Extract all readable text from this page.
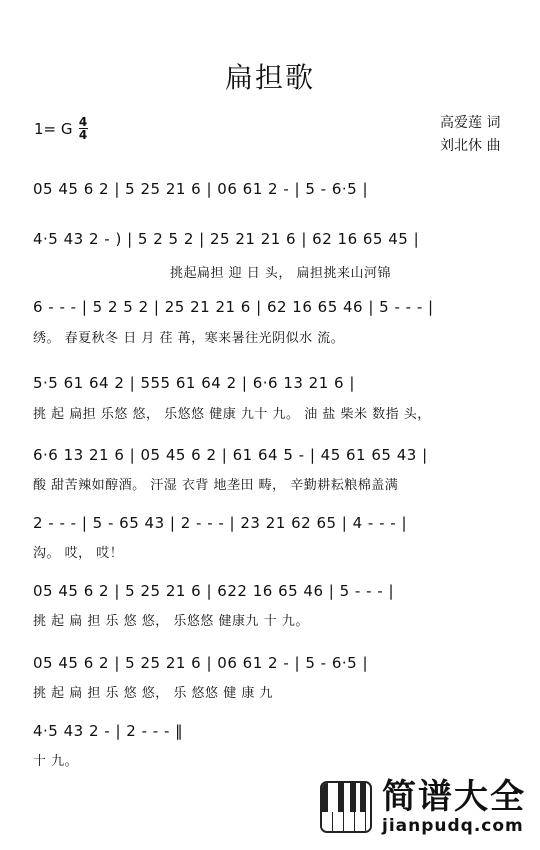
扁担歌
1= G $\frac{4}{4}$	高爱莲 词
刘北休 曲
05 45 6 2 | 5 25 21 6 | 06 61 2 - | 5 - 6·5 |
4·5 43 2 - ) | 5 2 5 2 | 25 21 21 6 | 62 16 65 45 |
挑起扁担 迎 日 头， 扁担挑来山河锦
6 - - - | 5 2 5 2 | 25 21 21 6 | 62 16 65 46 | 5 - - - |
绣。 春夏秋冬 日 月 荏 苒，寒来暑往光阴似水 流。
5·5 61 64 2 | 555 61 64 2 | 6·6 13 21 6 |
挑 起 扁担 乐悠 悠， 乐悠悠 健康 九十 九。 油 盐 柴米 数指 头，
6·6 13 21 6 | 05 45 6 2 | 61 64 5 - | 45 61 65 43 |
酸 甜苦辣如醇酒。 汗湿 衣背 地垄田 畴， 辛勤耕耘粮棉盖满
2 - - - | 5 - 65 43 | 2 - - - | 23 21 62 65 | 4 - - - |
沟。 哎， 哎！
05 45 6 2 | 5 25 21 6 | 622 16 65 46 | 5 - - - |
挑 起 扁 担 乐 悠 悠， 乐悠悠 健康九 十 九。
05 45 6 2 | 5 25 21 6 | 06 61 2 - | 5 - 6·5 |
挑 起 扁 担 乐 悠 悠， 乐 悠悠 健 康 九
4·5 43 2 - | 2 - - - ‖
十 九。
简谱大全
jianpudq.com
